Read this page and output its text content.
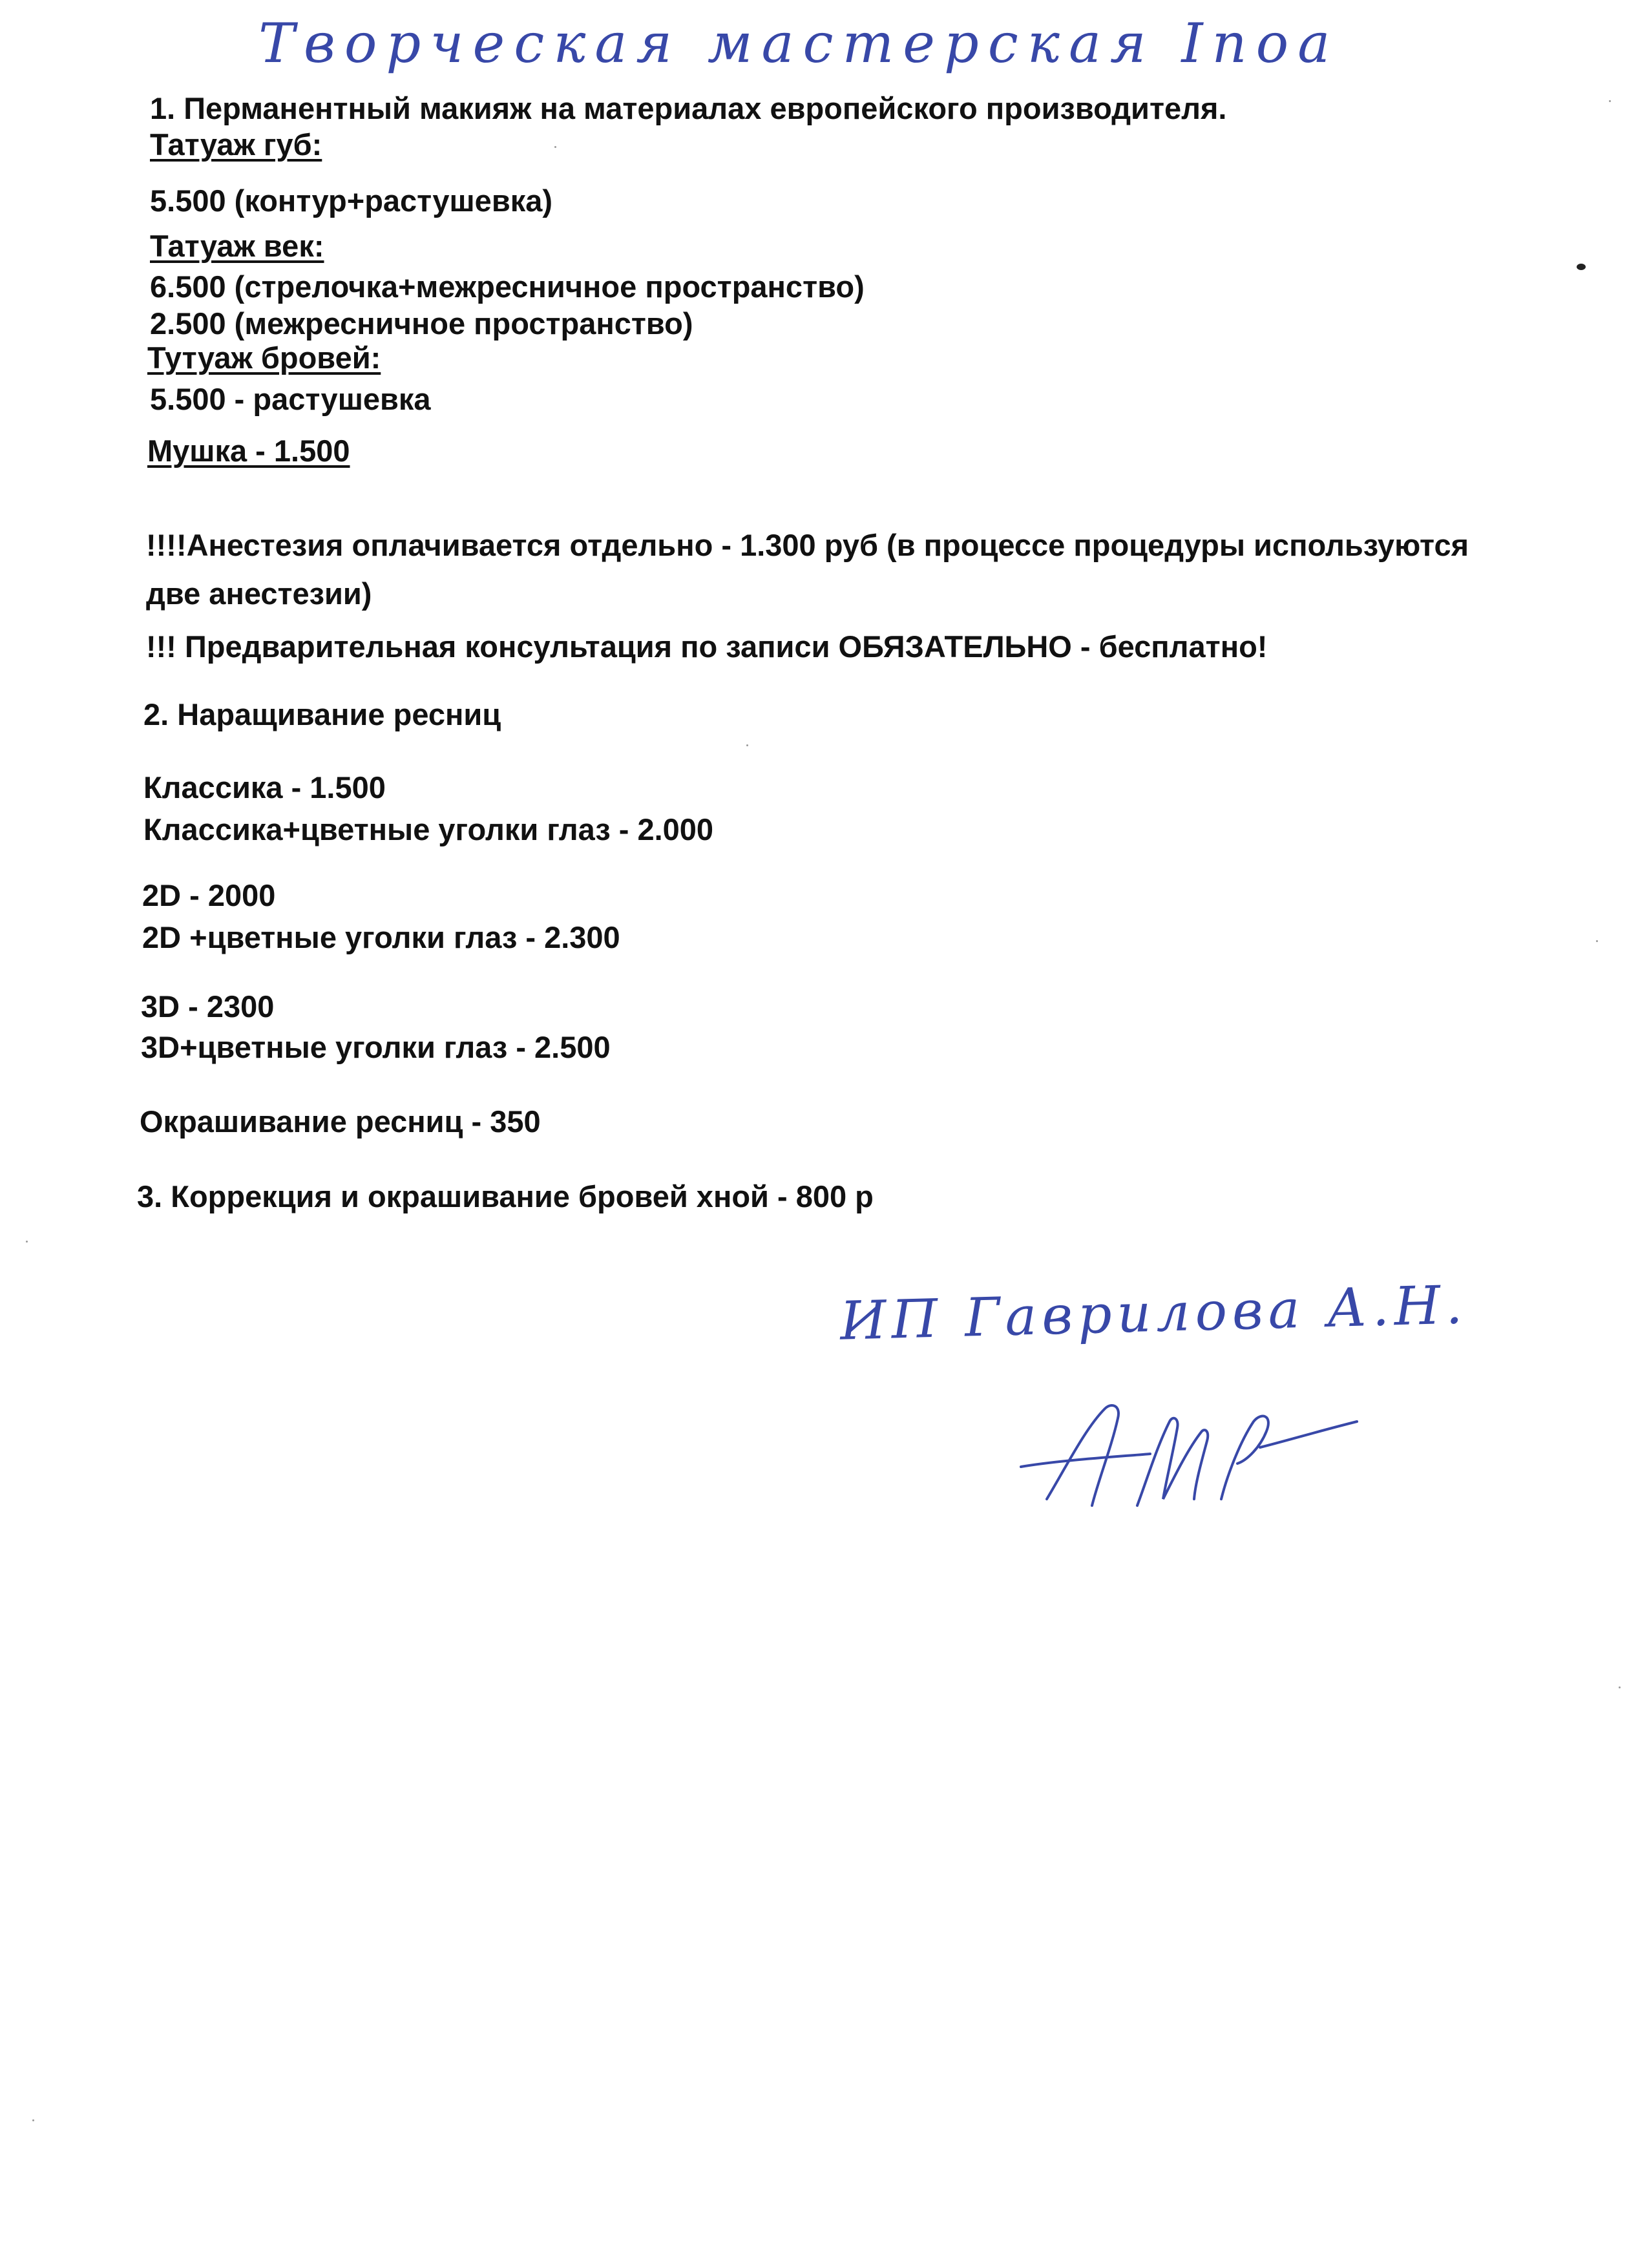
Творческая мастерская Inoa
1. Перманентный макияж на материалах европейского производителя.
Татуаж губ:
5.500 (контур+растушевка)
Татуаж век:
6.500 (стрелочка+межресничное пространство)
2.500 (межресничное пространство)
Тутуаж бровей:
5.500 - растушевка
Мушка - 1.500
!!!!Анестезия оплачивается отдельно - 1.300 руб (в процессе процедуры используются
две анестезии)
!!! Предварительная консультация по записи ОБЯЗАТЕЛЬНО - бесплатно!
2. Наращивание ресниц
Классика - 1.500
Классика+цветные уголки глаз - 2.000
2D - 2000
2D +цветные уголки глаз - 2.300
3D - 2300
3D+цветные уголки глаз - 2.500
Окрашивание ресниц - 350
3. Коррекция и окрашивание бровей хной - 800 р
ИП Гаврилова А.Н.
